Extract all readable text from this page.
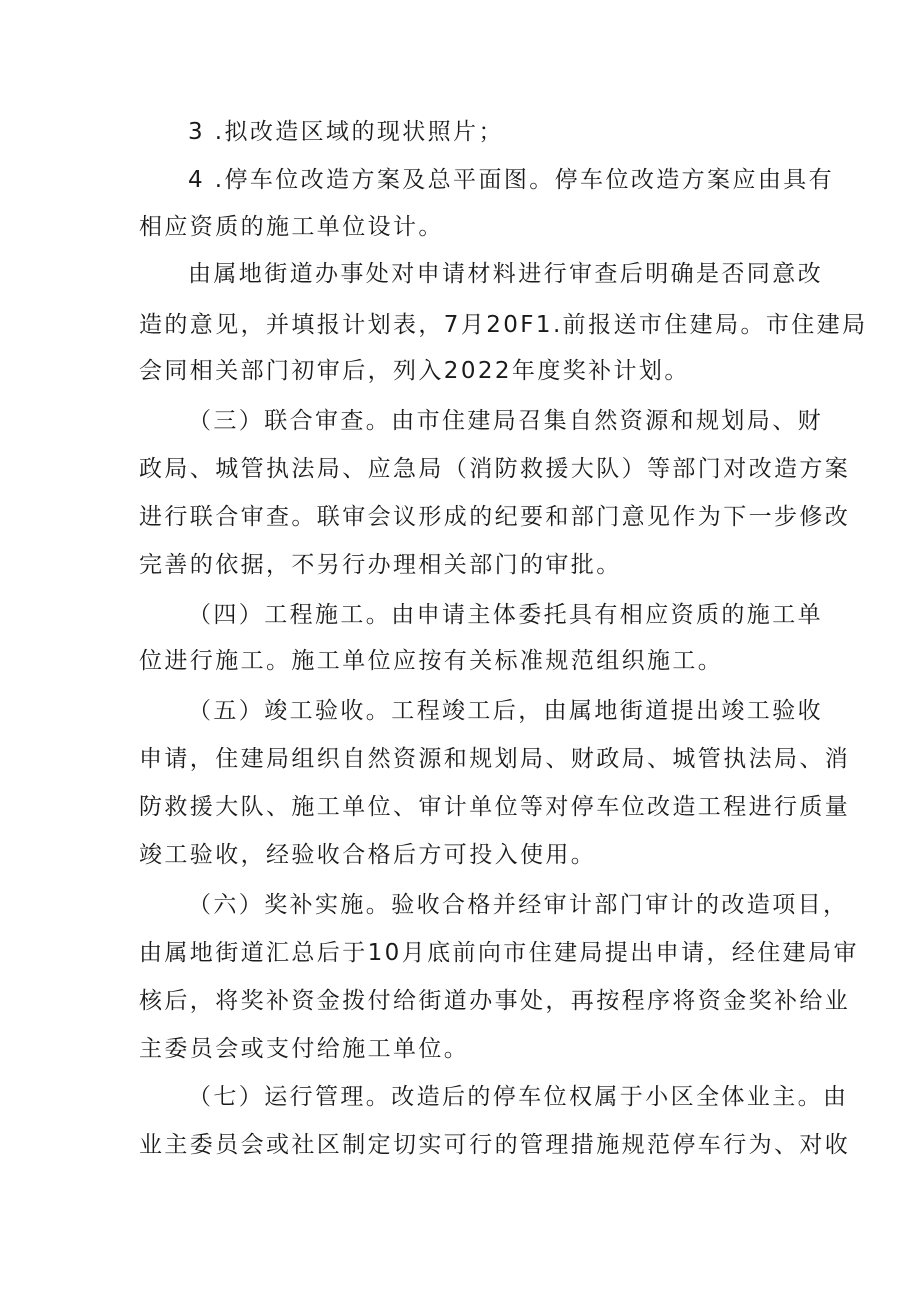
3 .拟改造区域的现状照片；
4 .停车位改造方案及总平面图。停车位改造方案应由具有
相应资质的施工单位设计。
由属地街道办事处对申请材料进行审查后明确是否同意改
造的意见，并填报计划表，7月20F1.前报送市住建局。市住建局
会同相关部门初审后，列入2022年度奖补计划。
（三）联合审查。由市住建局召集自然资源和规划局、财
政局、城管执法局、应急局（消防救援大队）等部门对改造方案
进行联合审查。联审会议形成的纪要和部门意见作为下一步修改
完善的依据，不另行办理相关部门的审批。
（四）工程施工。由申请主体委托具有相应资质的施工单
位进行施工。施工单位应按有关标准规范组织施工。
（五）竣工验收。工程竣工后，由属地街道提出竣工验收
申请，住建局组织自然资源和规划局、财政局、城管执法局、消
防救援大队、施工单位、审计单位等对停车位改造工程进行质量
竣工验收，经验收合格后方可投入使用。
（六）奖补实施。验收合格并经审计部门审计的改造项目，
由属地街道汇总后于10月底前向市住建局提出申请，经住建局审
核后，将奖补资金拨付给街道办事处，再按程序将资金奖补给业
主委员会或支付给施工单位。
（七）运行管理。改造后的停车位权属于小区全体业主。由
业主委员会或社区制定切实可行的管理措施规范停车行为、对收
